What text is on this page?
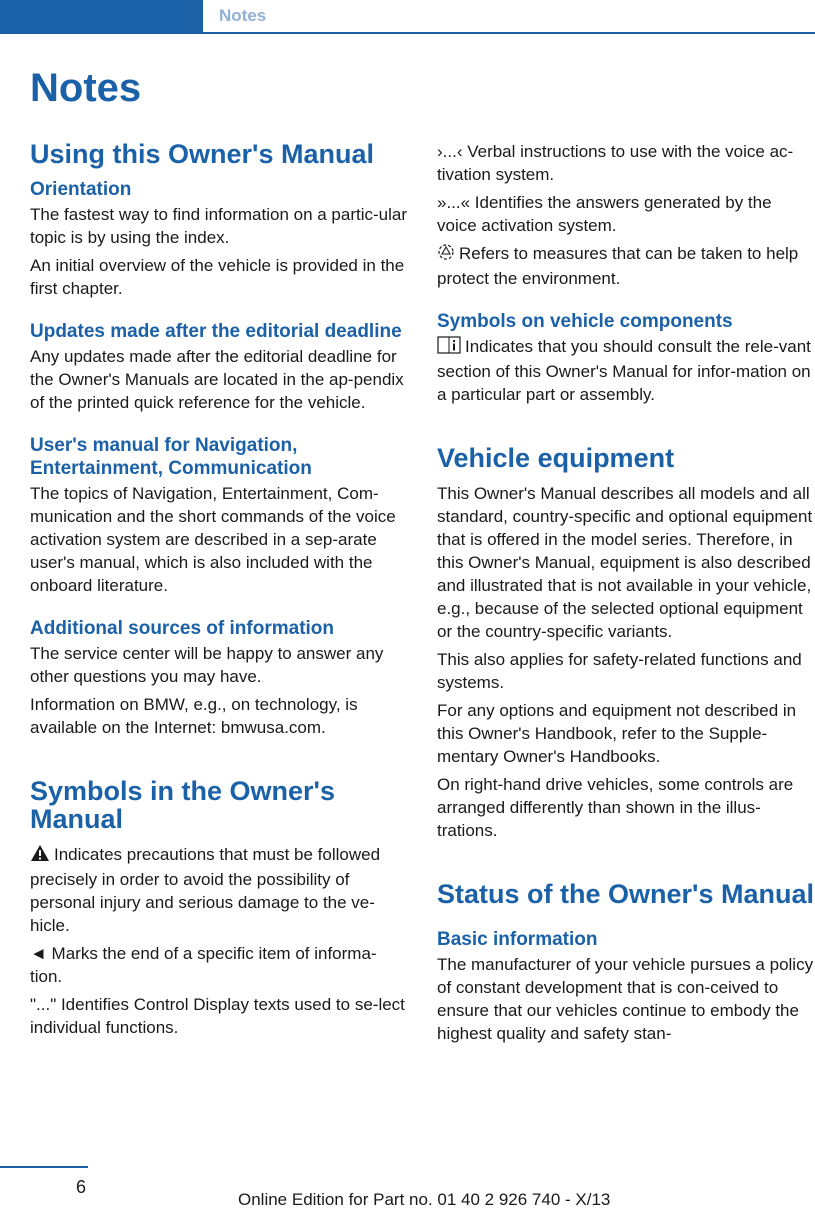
Notes
Notes
Using this Owner's Manual
Orientation

The fastest way to find information on a partic-ular topic is by using the index.

An initial overview of the vehicle is provided in the first chapter.

Updates made after the editorial deadline

Any updates made after the editorial deadline for the Owner's Manuals are located in the ap-pendix of the printed quick reference for the vehicle.

User's manual for Navigation, Entertainment, Communication

The topics of Navigation, Entertainment, Com-munication and the short commands of the voice activation system are described in a sep-arate user's manual, which is also included with the onboard literature.

Additional sources of information

The service center will be happy to answer any other questions you may have.

Information on BMW, e.g., on technology, is available on the Internet: bmwusa.com.

Symbols in the Owner's Manual

Indicates precautions that must be followed precisely in order to avoid the possibility of personal injury and serious damage to the ve-hicle.

◄ Marks the end of a specific item of informa-tion.

"..." Identifies Control Display texts used to se-lect individual functions.

›...‹ Verbal instructions to use with the voice ac-tivation system.

»...« Identifies the answers generated by the voice activation system.

Refers to measures that can be taken to help protect the environment.

Symbols on vehicle components

Indicates that you should consult the rele-vant section of this Owner's Manual for infor-mation on a particular part or assembly.

Vehicle equipment

This Owner's Manual describes all models and all standard, country-specific and optional equipment that is offered in the model series. Therefore, in this Owner's Manual, equipment is also described and illustrated that is not available in your vehicle, e.g., because of the selected optional equipment or the country-specific variants.

This also applies for safety-related functions and systems.

For any options and equipment not described in this Owner's Handbook, refer to the Supple-mentary Owner's Handbooks.

On right-hand drive vehicles, some controls are arranged differently than shown in the illus-trations.

Status of the Owner's Manual
Basic information

The manufacturer of your vehicle pursues a policy of constant development that is con-ceived to ensure that our vehicles continue to embody the highest quality and safety stan-

6
Online Edition for Part no. 01 40 2 926 740 - X/13
